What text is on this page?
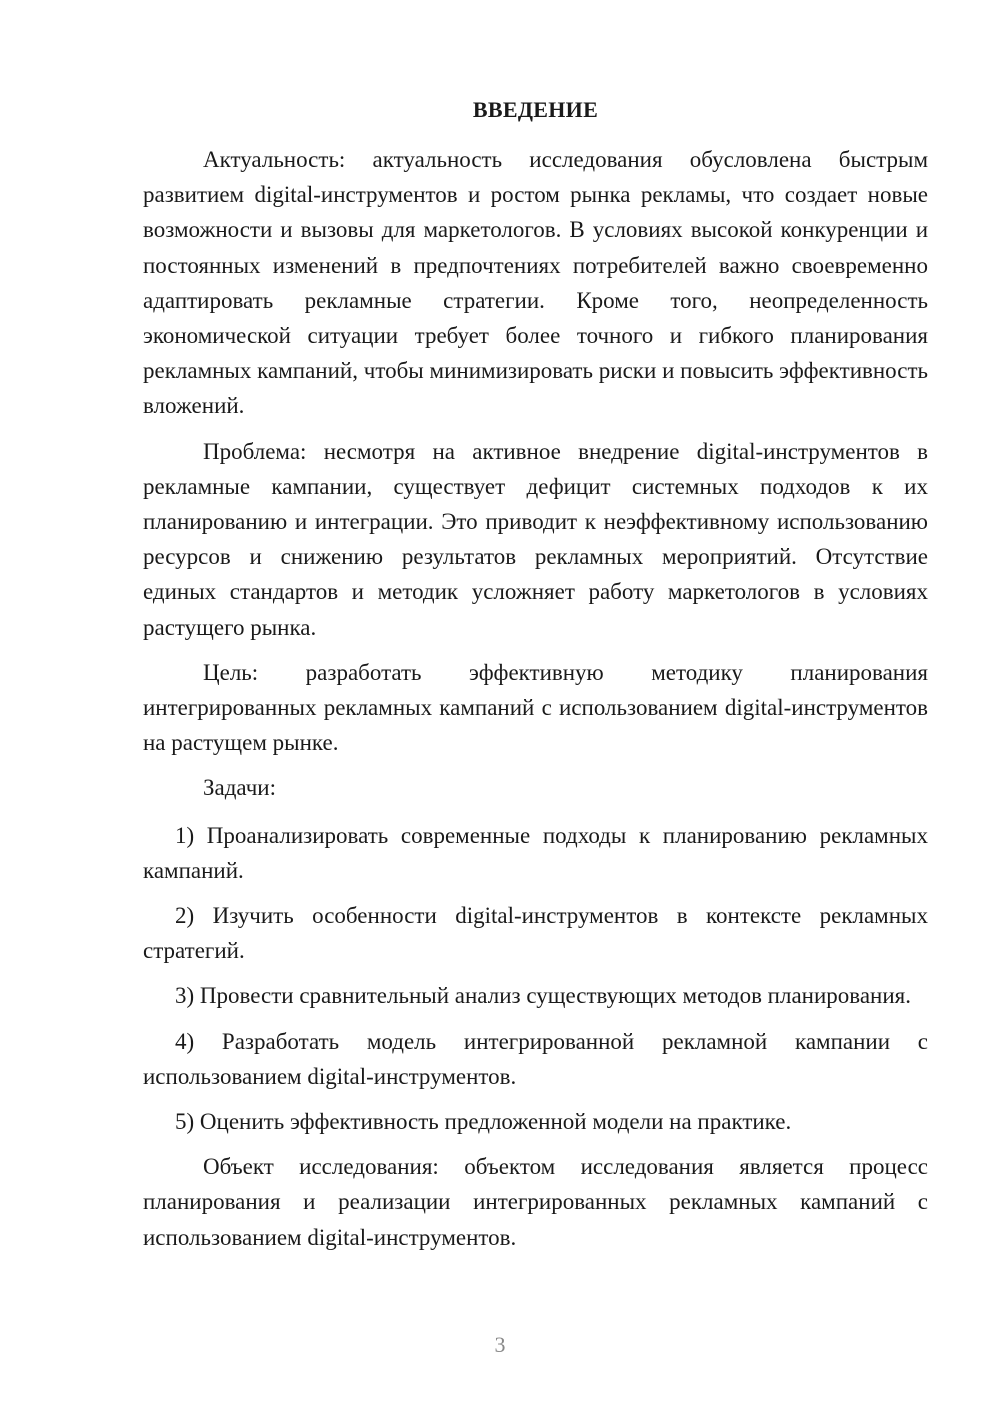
ВВЕДЕНИЕ

Актуальность: актуальность исследования обусловлена быстрым развитием digital-инструментов и ростом рынка рекламы, что создает новые возможности и вызовы для маркетологов. В условиях высокой конкуренции и постоянных изменений в предпочтениях потребителей важно своевременно адаптировать рекламные стратегии. Кроме того, неопределенность экономической ситуации требует более точного и гибкого планирования рекламных кампаний, чтобы минимизировать риски и повысить эффективность вложений.

Проблема: несмотря на активное внедрение digital-инструментов в рекламные кампании, существует дефицит системных подходов к их планированию и интеграции. Это приводит к неэффективному использованию ресурсов и снижению результатов рекламных мероприятий. Отсутствие единых стандартов и методик усложняет работу маркетологов в условиях растущего рынка.

Цель: разработать эффективную методику планирования интегрированных рекламных кампаний с использованием digital-инструментов на растущем рынке.

Задачи:

1) Проанализировать современные подходы к планированию рекламных кампаний.

2) Изучить особенности digital-инструментов в контексте рекламных стратегий.

3) Провести сравнительный анализ существующих методов планирования.

4) Разработать модель интегрированной рекламной кампании с использованием digital-инструментов.

5) Оценить эффективность предложенной модели на практике.

Объект исследования: объектом исследования является процесс планирования и реализации интегрированных рекламных кампаний с использованием digital-инструментов.

3
